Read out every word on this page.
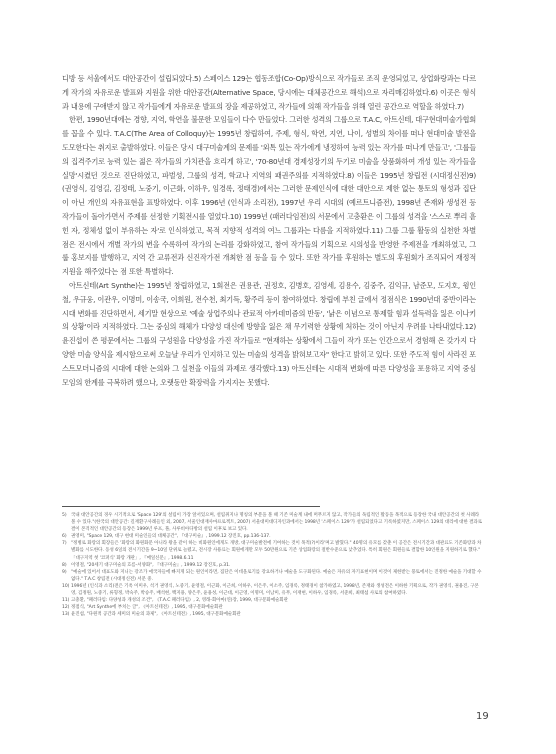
디방 등 서울에서도 대안공간이 설립되었다.5) 스페이스 129는 협동조합(Co-Op)방식으로 작가들로 조직 운영되었고, 상업화랑과는 다르게 작가의 자유로운 발표와 지원을 위한 대안공간(Alternative Space, 당시에는 대체공간으로 해석)으로 자리매김하였다.6) 이곳은 형식과 내용에 구애받지 않고 작가들에게 자유로운 발표의 장을 제공하였고, 작가들에 의해 작가들을 위해 열린 공간으로 역할을 하였다.7)

한편, 1990년대에는 경향, 지역, 학연을 불문한 모임들이 다수 만들었다. 그러한 성격의 그룹으로 T.A.C, 아트신테, 대구현대미술가협회를 꼽을 수 있다. T.A.C(The Area of Colloquy)는 1995년 창립하여, 주제, 형식, 학연, 지연, 나이, 성별의 차이를 떠나 현대미술 발전을 도모한다는 취지로 출발하였다. 이들은 당시 대구미술계의 문제를 '외톡 있는 작가에게 냉정하여 능력 있는 작가를 떠나게 만들고', '그룹들의 집격주기로 능력 있는 젊은 작가들의 가치관을 흐리게 하고', '70-80년대 경제성장기의 두기로 미술을 상품화하여 개성 있는 작가들을 실망'시켰던 것으로 진단하였고, 파벌성, 그룹의 성격, 학교나 지역의 패권주의를 지적하였다.8) 이들은 1995년 창립전 (시대정신전)9) (권영식, 김영길, 김정태, 노중기, 이근화, 이하우, 임경록, 정태경)에서는 그러한 문제인식에 대한 대안으로 제한 없는 통토의 형성과 집단이 아닌 개인의 자유표현을 표방하였다. 이후 1996년 (인식과 소리전), 1997년 우리 시대의 (예르트니즘전), 1998년 존재와 생성전 등 작가들이 돌아가면서 주제를 선정한 기획전시를 열었다.10) 1999년 (패러다임전)의 서문에서 고충환은 이 그룹의 성격을 '스스로 뿌리 흩힌 자, 정체성 없이 부유하는 자'로 인식하였고, 목적 지향적 성격의 여느 그룹과는 다름을 지적하였다.11) 그룹 그룹 활동의 실천한 차별점은 전시에서 개별 작가의 변을 수록하여 작가의 논리를 강화하였고, 참여 작가들의 기획으로 시의성을 반영한 주제전을 개최하였고, 그룹 홍보지를 발행하고, 지역 간 교류전과 신진작가전 개최한 점 등을 들 수 있다. 또한 작가를 후원하는 별도의 후원회가 조직되어 재정적 지원을 해주었다는 점 또한 특별하다.

아트신테(Art Synthe)는 1995년 창립하였고, 1회전은 권용관, 권정호, 김병호, 김영세, 김용수, 김중주, 김익규, 남준모, 도지호, 윙인철, 우규웅, 이관우, 이명미, 이송국, 이희원, 전수천, 최기득, 황주리 등이 참여하였다. 창립에 부친 글에서 정점식은 1990년대 중반이라는 시대 변화를 진단하면서, 세기말 현상으로 '예술 상업주의나 관료적 아카데미즘의 반동', '낡은 이념으로 통제할 힘과 설득력을 잃은 이나키의 상황'이라 지적하였다. 그는 중심의 해체가 다양성 대신에 방향을 잃은 채 무기력한 상황에 처하는 것이 아닌지 우려를 나타내었다.12) 윤진섭이 쓴 평문에서는 그룹의 구성원을 다양성을 가진 작가들로 "현재하는 상황에서 그들이 작가 또는 인간으로서 경험해 온 갖가지 다양한 미술 양식을 제시함으로써 오늘날 우리가 인지하고 있는 미술의 성격을 밝혀보고자" 한다고 밝히고 있다. 또한 주도적 힘이 사라진 포스트모더니즘의 시대에 대한 논의와 그 실천을 이들의 과제로 생각했다.13) 아트신테는 시대적 변화에 따른 다양성을 포용하고 지역 중심 모임의 한계를 극복하려 했으나, 오랫동안 확장력을 가지지는 못했다.

5) 국내 대안공간의 경우 시기적으로 'Space 129'의 설립이 가장 앞서있으며, 설립취지나 명칭의 부분을 볼 때 기존 미술계 내에 머무르지 않고, 작가들의 독립적인 활동을 목적으로 등장한 국내 대안공간의 첫 사례라 볼 수 있다."(한국의 대안공간: 길재환구사례들인 외, 2007, 서울인대재사마프로젝트, 2007) 서울대미대디자인과에서는 1998년 '스페이스 129'가 설립되었다고 기록하였지만, 스페이스 129의 대리에 대한 결과로 결이 본격적인 대안공간의 등장은 1999년 루프, 풀, 사루비아다방의 설립 이후로 보고 있다.
6) 권영미, "Space 129, 대구 현대 미술인들의 대체공간", 『대구미술』, 1999.12 장진호, pp.136-137.
7) "정병로 화랑의 회장들은 '화랑의 화원화문 아니라 왕을 같이 하는 비화원인에게도 개방, 대구미술발전에 기여하는 것이 목적(?)이라'며고 밝혔다." 40명의 유모를 갖춘 이 공간은 전시기간과 대관료도 기존화랑과 차별화를 시도한다. 동성 6일의 전시기간을 9~10일 단위로 늘렸고, 전시장 사용료는 회원에게만 모두 50만원으로 기존 상업화랑의 절반수준으로 낮추었다. 특히 회원은 회원들로 결합한 10인원을 지원하기로 했다." 「대구지역 첫 '코퍼식' 화랑 개관」, 『매일신문』, 1998.6.11
8) 이영철, "20세기 대구미술의 흐름-서양화", 『대구미술』, 1999.12 장진호, p.31.
9) "예술에 있어서 대표도와 지니는 강조가 애국자들에 빠지게 되는 원인이라면, 집단은 이데올로기를 강요하거나 예술을 도구화된다. 예술은 자유의 자기표현이며 이것이 제한받는 풍토에서는 진정한 예술을 기대할 수 없다." T.A.C 창립전 (시대정신전) 서문 중.
10) 1996년 (인식과 소리)전은 기옥 이미우, 석거 권영식, 노중기, 윤영철, 이근화, 이근희, 이하우, 이은주, 이소주, 임경록, 정태경이 참가하였고, 1998년, 존재와 생성전은 이하한 기획으로, 작가 권영식, 권용진, 구본영, 김정원, 노중기, 류형정, 박숙주, 박승주, 배석현, 백지용, 양은주, 윤용성, 이근대, 이근영, 이명미, 이남미, 유무, 이재현, 이하우, 임경록, 서준희, 최태섭 사로의 참여하였다.
11) 고충환, "패러다임: 다양성과 개성의 조건", 《T.A.C 패러다임》, 2, 영래-회아마(연)장, 1999, 대구문화예술회관
12) 정점식, "Art Synthe에 부치는 글", 《아트신테전》, 1995, 대구문화예술회관
13) 윤진섭, "다원적 공간과 세미의 미술의 과제", 《아트신테전》, 1995, 대구문화예술회관
19
